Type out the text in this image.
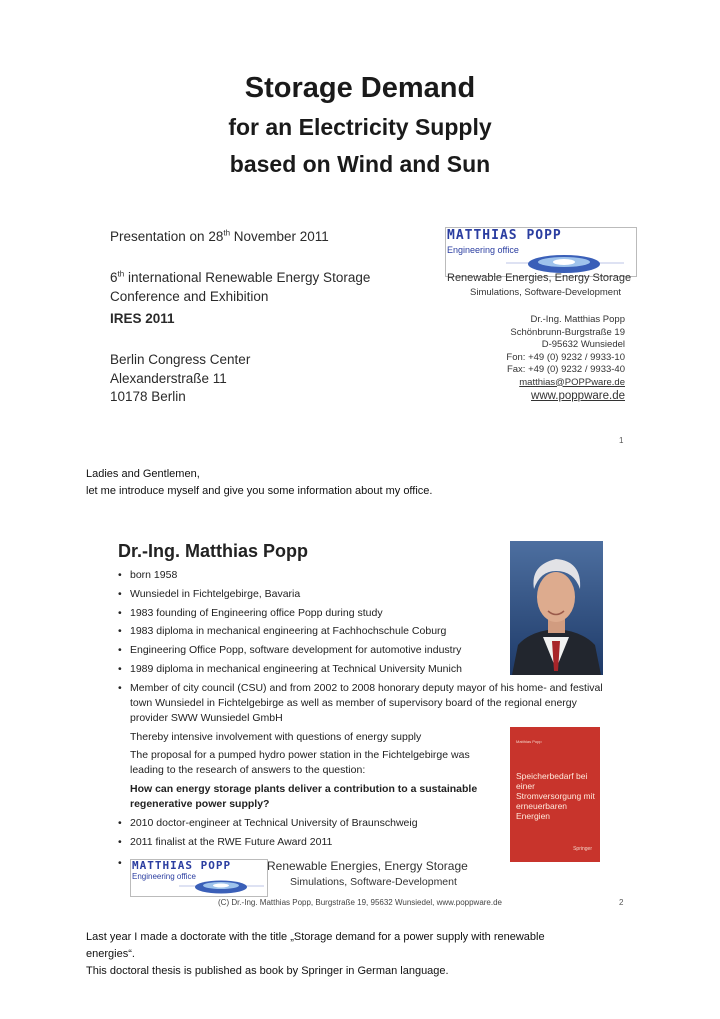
Storage Demand
for an Electricity Supply
based on Wind and Sun
Presentation on 28th November 2011
6th international Renewable Energy Storage
Conference and Exhibition
IRES 2011
Berlin Congress Center
Alexanderstraße 11
10178 Berlin
MATTHIAS POPP
Engineering office
Renewable Energies, Energy Storage
Simulations, Software-Development
Dr.-Ing. Matthias Popp
Schönbrunn-Burgstraße 19
D-95632 Wunsiedel
Fon: +49 (0) 9232 / 9933-10
Fax: +49 (0) 9232 / 9933-40
matthias@POPPware.de
www.poppware.de
1
Ladies and Gentlemen,
let me introduce myself and give you some information about my office.
Dr.-Ing. Matthias Popp
• born 1958
• Wunsiedel in Fichtelgebirge, Bavaria
• 1983 founding of Engineering office Popp during study
• 1983 diploma in mechanical engineering at Fachhochschule Coburg
• Engineering Office Popp, software development for automotive industry
• 1989 diploma in mechanical engineering at Technical University Munich
• Member of city council (CSU) and from 2002 to 2008 honorary deputy mayor of his home- and festival town Wunsiedel in Fichtelgebirge as well as member of supervisory board of the regional energy provider SWW Wunsiedel GmbH
Thereby intensive involvement with questions of energy supply
The proposal for a pumped hydro power station in the Fichtelgebirge was leading to the research of answers to the question:
How can energy storage plants deliver a contribution to a sustainable regenerative power supply?
• 2010 doctor-engineer at Technical University of Braunschweig
• 2011 finalist at the RWE Future Award 2011
•
Matthias Popp
Speicherbedarf bei einer Stromversorgung mit erneuerbaren Energien
Springer
MATTHIAS POPP
Engineering office
Renewable Energies, Energy Storage
Simulations, Software-Development
(C) Dr.-Ing. Matthias Popp, Burgstraße 19, 95632 Wunsiedel, www.poppware.de	2
Last year I made a doctorate with the title „Storage demand for a power supply with renewable
energies“.
This doctoral thesis is published as book by Springer in German language.
